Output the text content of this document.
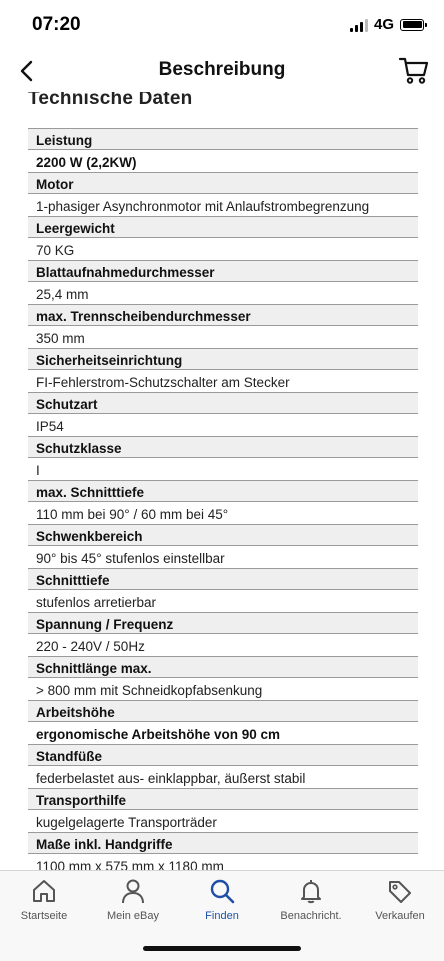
07:20	4G
Beschreibung
Technische Daten
Leistung
2200 W (2,2KW)
Motor
1-phasiger Asynchronmotor mit Anlaufstrombegrenzung
Leergewicht
70 KG
Blattaufnahmedurchmesser
25,4 mm
max. Trennscheibendurchmesser
350 mm
Sicherheitseinrichtung
FI-Fehlerstrom-Schutzschalter am Stecker
Schutzart
IP54
Schutzklasse
I
max. Schnitttiefe
110 mm bei 90° / 60 mm bei 45°
Schwenkbereich
90° bis 45° stufenlos einstellbar
Schnitttiefe
stufenlos arretierbar
Spannung / Frequenz
220 - 240V / 50Hz
Schnittlänge max.
> 800 mm mit Schneidkopfabsenkung
Arbeitshöhe
ergonomische Arbeitshöhe von 90 cm
Standfüße
federbelastet aus- einklappbar, äußerst stabil
Transporthilfe
kugelgelagerte Transporträder
Maße inkl. Handgriffe
1100 mm x 575 mm x 1180 mm
Startseite	Mein eBay	Finden	Benachricht.	Verkaufen
